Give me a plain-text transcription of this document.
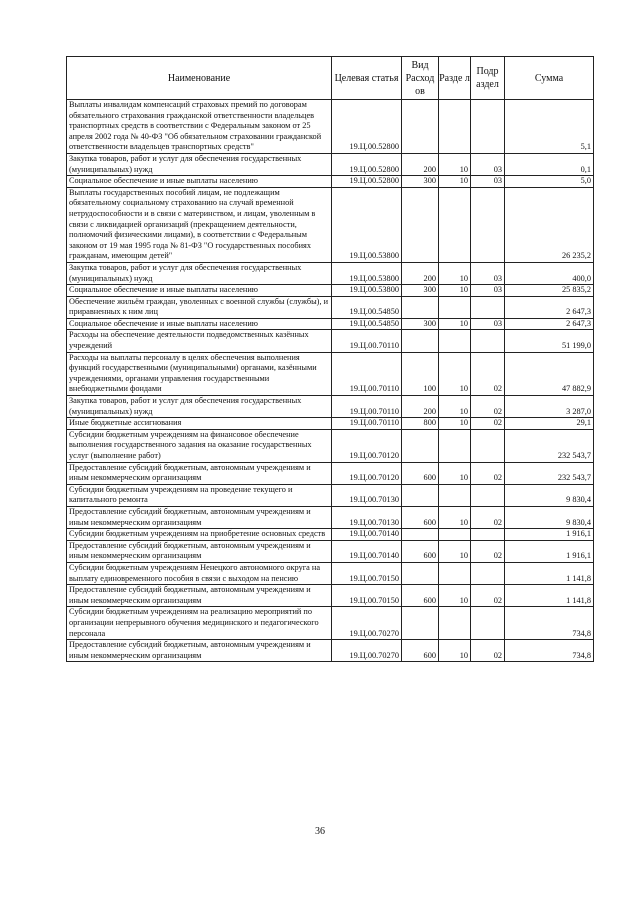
Наименование	Целевая статья	Вид Расход ов	Разде л	Подр аздел	Сумма
Выплаты инвалидам компенсаций страховых премий по договорам обязательного страхования гражданской ответственности владельцев транспортных средств в соответствии с Федеральным законом от 25 апреля 2002 года № 40-ФЗ "Об обязательном страховании гражданской ответственности владельцев транспортных средств"	19.Ц.00.52800				5,1
Закупка товаров, работ и услуг для обеспечения государственных (муниципальных) нужд	19.Ц.00.52800	200	10	03	0,1
Социальное обеспечение и иные выплаты населению	19.Ц.00.52800	300	10	03	5,0
Выплаты государственных пособий лицам, не подлежащим обязательному социальному страхованию на случай временной нетрудоспособности и в связи с материнством, и лицам, уволенным в связи с ликвидацией организаций (прекращением деятельности, полномочий физическими лицами), в соответствии с Федеральным законом от 19 мая 1995 года № 81-ФЗ "О государственных пособиях гражданам, имеющим детей"	19.Ц.00.53800				26 235,2
Закупка товаров, работ и услуг для обеспечения государственных (муниципальных) нужд	19.Ц.00.53800	200	10	03	400,0
Социальное обеспечение и иные выплаты населению	19.Ц.00.53800	300	10	03	25 835,2
Обеспечение жильём граждан, уволенных с военной службы (службы), и приравненных к ним лиц	19.Ц.00.54850				2 647,3
Социальное обеспечение и иные выплаты населению	19.Ц.00.54850	300	10	03	2 647,3
Расходы на обеспечение деятельности подведомственных казённых учреждений	19.Ц.00.70110				51 199,0
Расходы на выплаты персоналу в целях обеспечения выполнения функций государственными (муниципальными) органами, казёнными учреждениями, органами управления государственными внебюджетными фондами	19.Ц.00.70110	100	10	02	47 882,9
Закупка товаров, работ и услуг для обеспечения государственных (муниципальных) нужд	19.Ц.00.70110	200	10	02	3 287,0
Иные бюджетные ассигнования	19.Ц.00.70110	800	10	02	29,1
Субсидии бюджетным учреждениям на финансовое обеспечение выполнения государственного задания на оказание государственных услуг (выполнение работ)	19.Ц.00.70120				232 543,7
Предоставление субсидий бюджетным, автономным учреждениям и иным некоммерческим организациям	19.Ц.00.70120	600	10	02	232 543,7
Субсидии бюджетным учреждениям на проведение текущего и капитального ремонта	19.Ц.00.70130				9 830,4
Предоставление субсидий бюджетным, автономным учреждениям и иным некоммерческим организациям	19.Ц.00.70130	600	10	02	9 830,4
Субсидии бюджетным учреждениям на приобретение основных средств	19.Ц.00.70140				1 916,1
Предоставление субсидий бюджетным, автономным учреждениям и иным некоммерческим организациям	19.Ц.00.70140	600	10	02	1 916,1
Субсидии бюджетным учреждениям Ненецкого автономного округа на выплату единовременного пособия в связи с выходом на пенсию	19.Ц.00.70150				1 141,8
Предоставление субсидий бюджетным, автономным учреждениям и иным некоммерческим организациям	19.Ц.00.70150	600	10	02	1 141,8
Субсидии бюджетным учреждениям на реализацию мероприятий по организации непрерывного обучения медицинского и педагогического персонала	19.Ц.00.70270				734,8
Предоставление субсидий бюджетным, автономным учреждениям и иным некоммерческим организациям	19.Ц.00.70270	600	10	02	734,8
36
